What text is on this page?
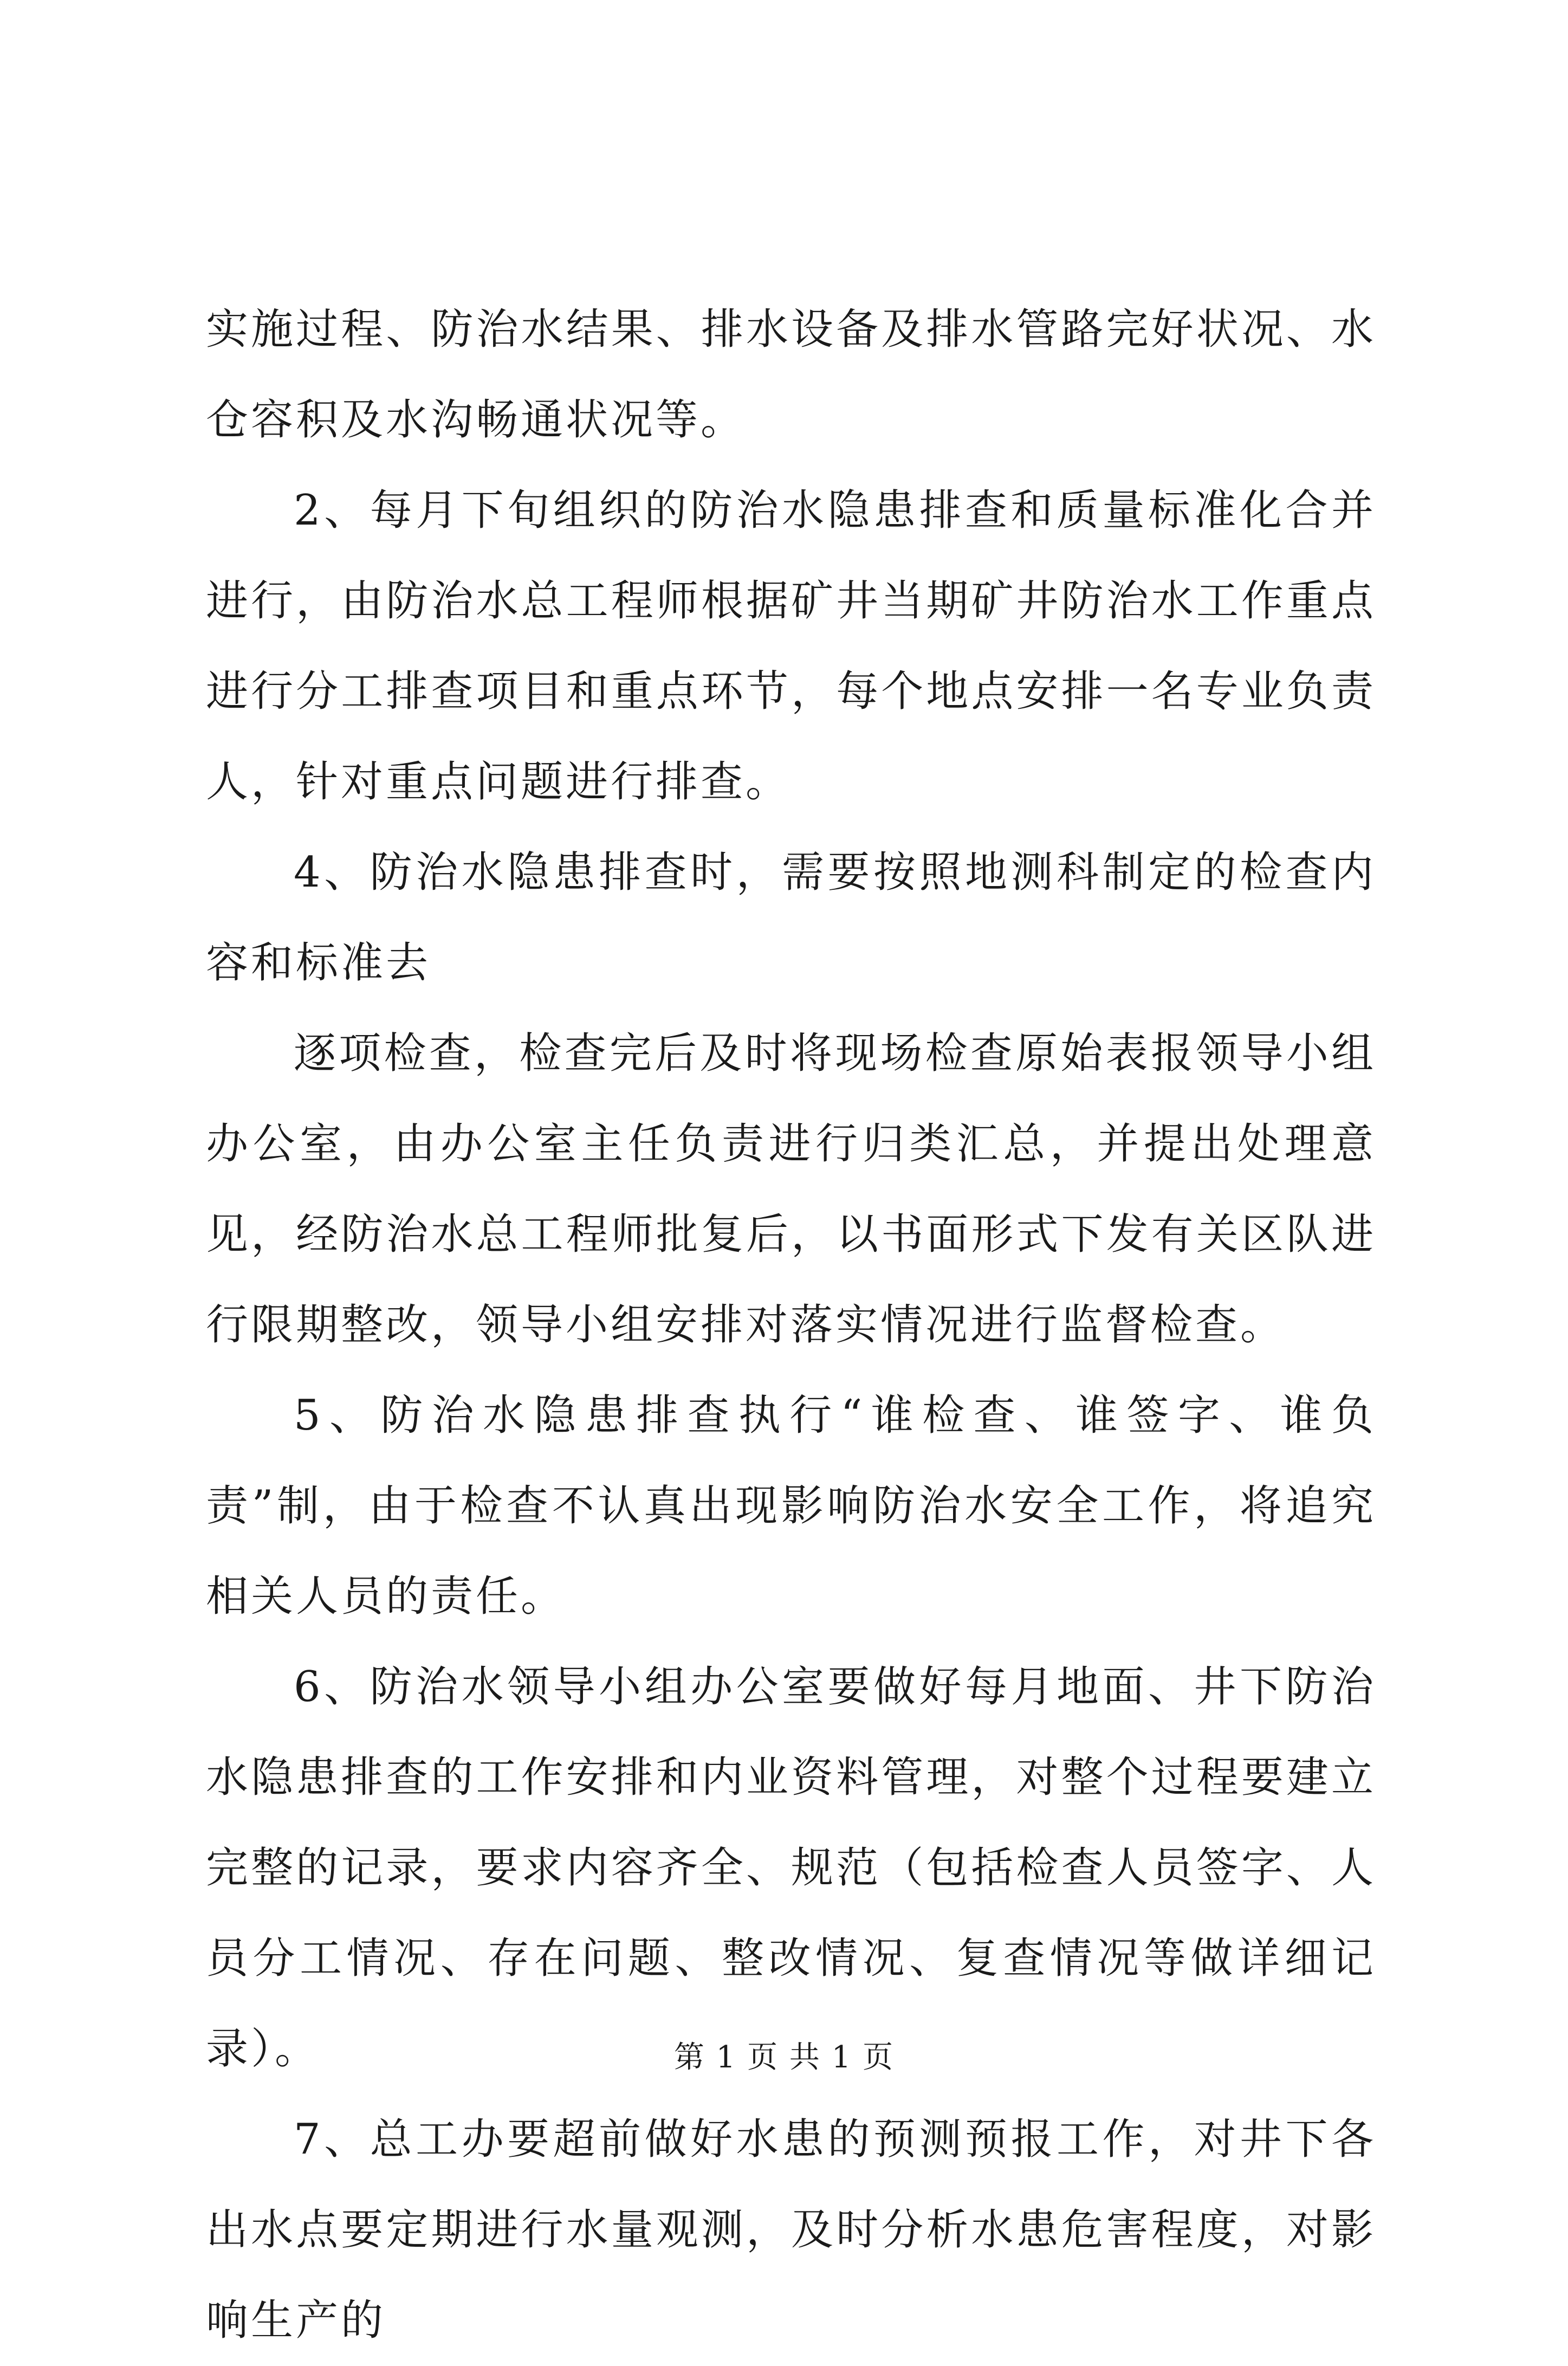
实施过程、防治水结果、排水设备及排水管路完好状况、水仓容积及水沟畅通状况等。

2、每月下旬组织的防治水隐患排查和质量标准化合并进行，由防治水总工程师根据矿井当期矿井防治水工作重点进行分工排查项目和重点环节，每个地点安排一名专业负责人，针对重点问题进行排查。

4、防治水隐患排查时，需要按照地测科制定的检查内容和标准去

逐项检查，检查完后及时将现场检查原始表报领导小组办公室，由办公室主任负责进行归类汇总，并提出处理意见，经防治水总工程师批复后，以书面形式下发有关区队进行限期整改，领导小组安排对落实情况进行监督检查。

5、防治水隐患排查执行“谁检查、谁签字、谁负责”制，由于检查不认真出现影响防治水安全工作，将追究相关人员的责任。

6、防治水领导小组办公室要做好每月地面、井下防治水隐患排查的工作安排和内业资料管理，对整个过程要建立完整的记录，要求内容齐全、规范（包括检查人员签字、人员分工情况、存在问题、整改情况、复查情况等做详细记录）。

7、总工办要超前做好水患的预测预报工作，对井下各出水点要定期进行水量观测，及时分析水患危害程度，对影响生产的

第 1 页 共 1 页
